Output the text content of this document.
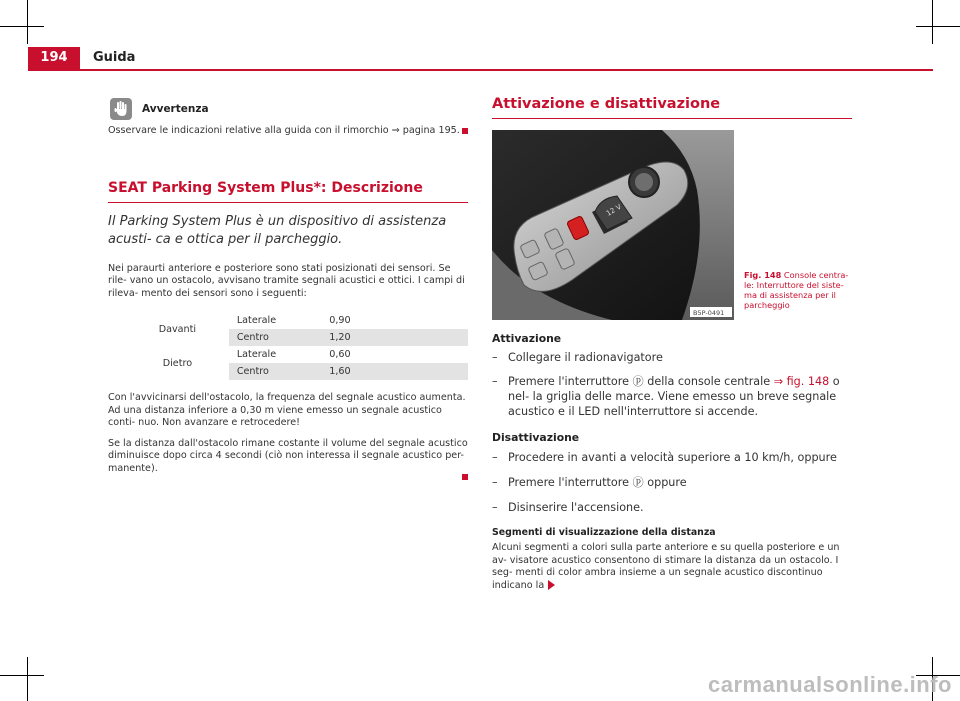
194	Guida
Avvertenza

Osservare le indicazioni relative alla guida con il rimorchio ⇒ pagina 195.

SEAT Parking System Plus*: Descrizione
Il Parking System Plus è un dispositivo di assistenza acusti- ca e ottica per il parcheggio.

Nei paraurti anteriore e posteriore sono stati posizionati dei sensori. Se rile- vano un ostacolo, avvisano tramite segnali acustici e ottici. I campi di rileva- mento dei sensori sono i seguenti:

Davanti	Laterale	0,90
	Centro	1,20
Dietro	Laterale	0,60
	Centro	1,60

Con l'avvicinarsi dell'ostacolo, la frequenza del segnale acustico aumenta. Ad una distanza inferiore a 0,30 m viene emesso un segnale acustico conti- nuo. Non avanzare e retrocedere!

Se la distanza dall'ostacolo rimane costante il volume del segnale acustico diminuisce dopo circa 4 secondi (ciò non interessa il segnale acustico per- manente).

Attivazione e disattivazione
12 V
B5P-0491
Fig. 148 Console centra- le: Interruttore del siste- ma di assistenza per il parcheggio
Attivazione
– Collegare il radionavigatore
– Premere l'interruttore ⓟ della console centrale ⇒ fig. 148 o nel- la griglia delle marce. Viene emesso un breve segnale acustico e il LED nell'interruttore si accende.
Disattivazione
– Procedere in avanti a velocità superiore a 10 km/h, oppure
– Premere l'interruttore ⓟ oppure
– Disinserire l'accensione.
Segmenti di visualizzazione della distanza

Alcuni segmenti a colori sulla parte anteriore e su quella posteriore e un av- visatore acustico consentono di stimare la distanza da un ostacolo. I seg- menti di color ambra insieme a un segnale acustico discontinuo indicano la

carmanualsonline.info
